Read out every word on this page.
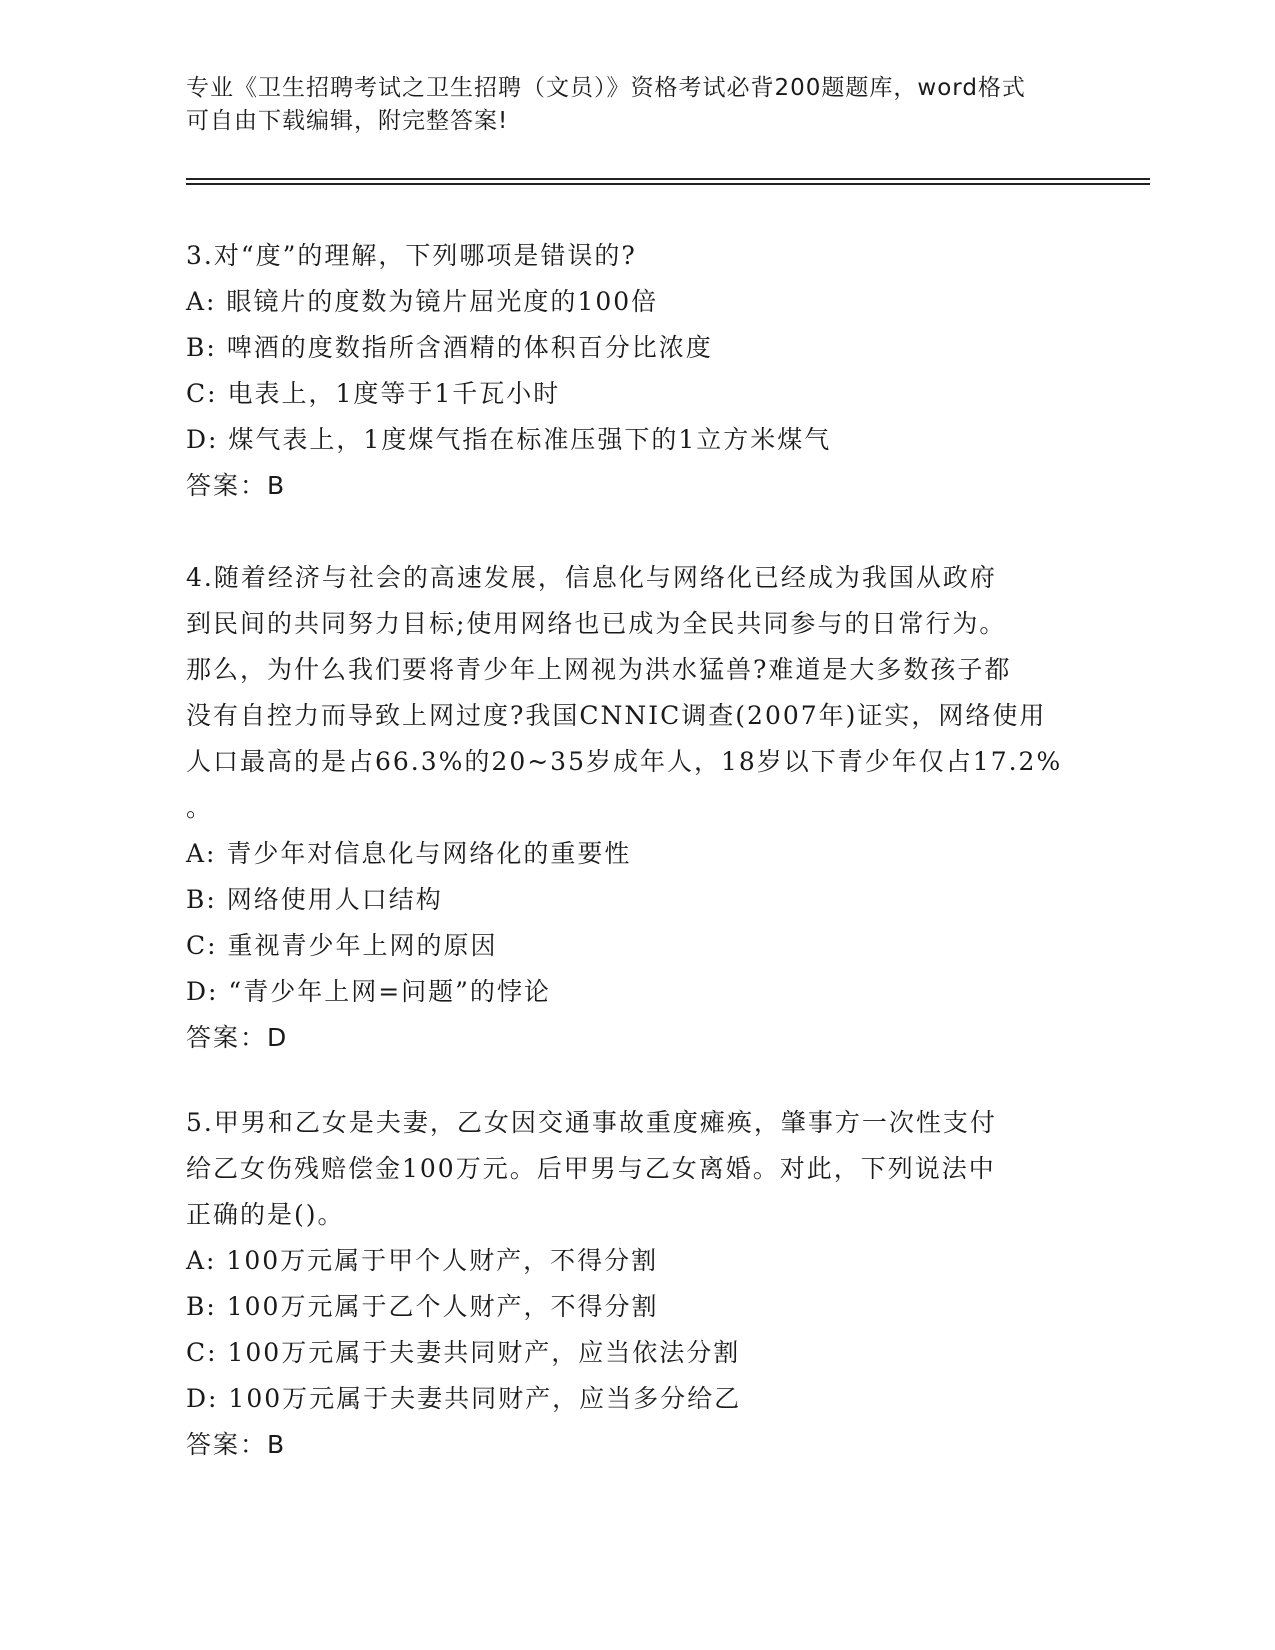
专业《卫生招聘考试之卫生招聘（文员）》资格考试必背200题题库，word格式
可自由下载编辑，附完整答案!

3.对“度”的理解，下列哪项是错误的?

A: 眼镜片的度数为镜片屈光度的100倍

B: 啤酒的度数指所含酒精的体积百分比浓度

C: 电表上，1度等于1千瓦小时

D: 煤气表上，1度煤气指在标准压强下的1立方米煤气

答案：B

4.随着经济与社会的高速发展，信息化与网络化已经成为我国从政府

到民间的共同努力目标;使用网络也已成为全民共同参与的日常行为。

那么，为什么我们要将青少年上网视为洪水猛兽?难道是大多数孩子都

没有自控力而导致上网过度?我国CNNIC调查(2007年)证实，网络使用

人口最高的是占66.3%的20~35岁成年人，18岁以下青少年仅占17.2%

。

A: 青少年对信息化与网络化的重要性

B: 网络使用人口结构

C: 重视青少年上网的原因

D: “青少年上网=问题”的悖论

答案：D

5.甲男和乙女是夫妻，乙女因交通事故重度瘫痪，肇事方一次性支付

给乙女伤残赔偿金100万元。后甲男与乙女离婚。对此，下列说法中

正确的是()。

A: 100万元属于甲个人财产，不得分割

B: 100万元属于乙个人财产，不得分割

C: 100万元属于夫妻共同财产，应当依法分割

D: 100万元属于夫妻共同财产，应当多分给乙

答案：B
